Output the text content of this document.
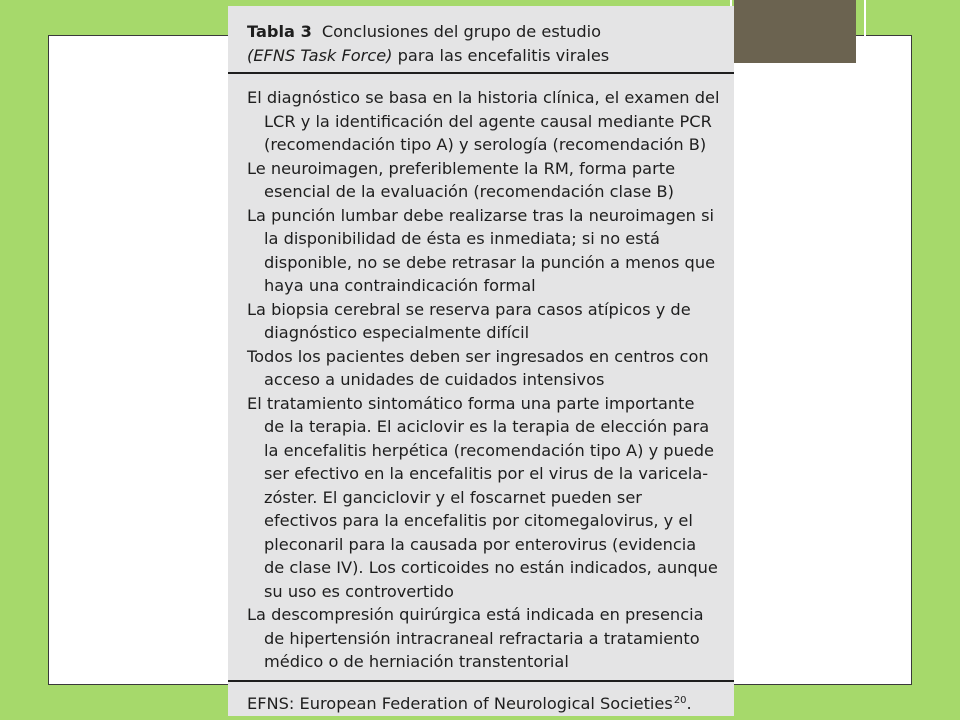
Tabla 3 Conclusiones del grupo de estudio
(EFNS Task Force) para las encefalitis virales

El diagnóstico se basa en la historia clínica, el examen del
LCR y la identificación del agente causal mediante PCR
(recomendación tipo A) y serología (recomendación B)

Le neuroimagen, preferiblemente la RM, forma parte
esencial de la evaluación (recomendación clase B)

La punción lumbar debe realizarse tras la neuroimagen si
la disponibilidad de ésta es inmediata; si no está
disponible, no se debe retrasar la punción a menos que
haya una contraindicación formal

La biopsia cerebral se reserva para casos atípicos y de
diagnóstico especialmente difícil

Todos los pacientes deben ser ingresados en centros con
acceso a unidades de cuidados intensivos

El tratamiento sintomático forma una parte importante
de la terapia. El aciclovir es la terapia de elección para
la encefalitis herpética (recomendación tipo A) y puede
ser efectivo en la encefalitis por el virus de la varicela-
zóster. El ganciclovir y el foscarnet pueden ser
efectivos para la encefalitis por citomegalovirus, y el
pleconaril para la causada por enterovirus (evidencia
de clase IV). Los corticoides no están indicados, aunque
su uso es controvertido

La descompresión quirúrgica está indicada en presencia
de hipertensión intracraneal refractaria a tratamiento
médico o de herniación transtentorial

EFNS: European Federation of Neurological Societies$^{20}$.
